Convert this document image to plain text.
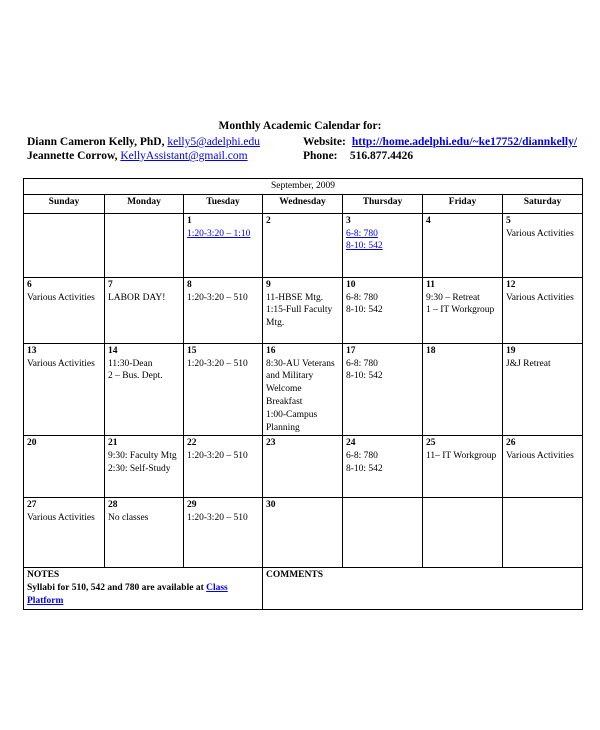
Monthly Academic Calendar for:
Diann Cameron Kelly, PhD, kelly5@adelphi.edu
Jeannette Corrow, KellyAssistant@gmail.com
Website: http://home.adelphi.edu/~ke17752/diannkelly/
Phone: 516.877.4426
September, 2009						
Sunday	Monday	Tuesday	Wednesday	Thursday	Friday	Saturday

		1
1:20-3:20 – 1:10	2	3
6-8: 780
8-10: 542	4	5
Various Activities

6
Various Activities	7
LABOR DAY!	8
1:20-3:20 – 510	9
11-HBSE Mtg.
1:15-Full Faculty Mtg.	10
6-8: 780
8-10: 542	11
9:30 – Retreat
1 – IT Workgroup	12
Various Activities

13
Various Activities	14
11:30-Dean
2 – Bus. Dept.	15
1:20-3:20 – 510	16
8:30-AU Veterans and Military Welcome Breakfast
1:00-Campus Planning	17
6-8: 780
8-10: 542	18	19
J&J Retreat

20	21
9:30: Faculty Mtg
2:30: Self-Study	22
1:20-3:20 – 510	23	24
6-8: 780
8-10: 542	25
11– IT Workgroup	26
Various Activities

27
Various Activities	28
No classes	29
1:20-3:20 – 510	30			

NOTES
Syllabi for 510, 542 and 780 are available at Class Platform			COMMENTS			
